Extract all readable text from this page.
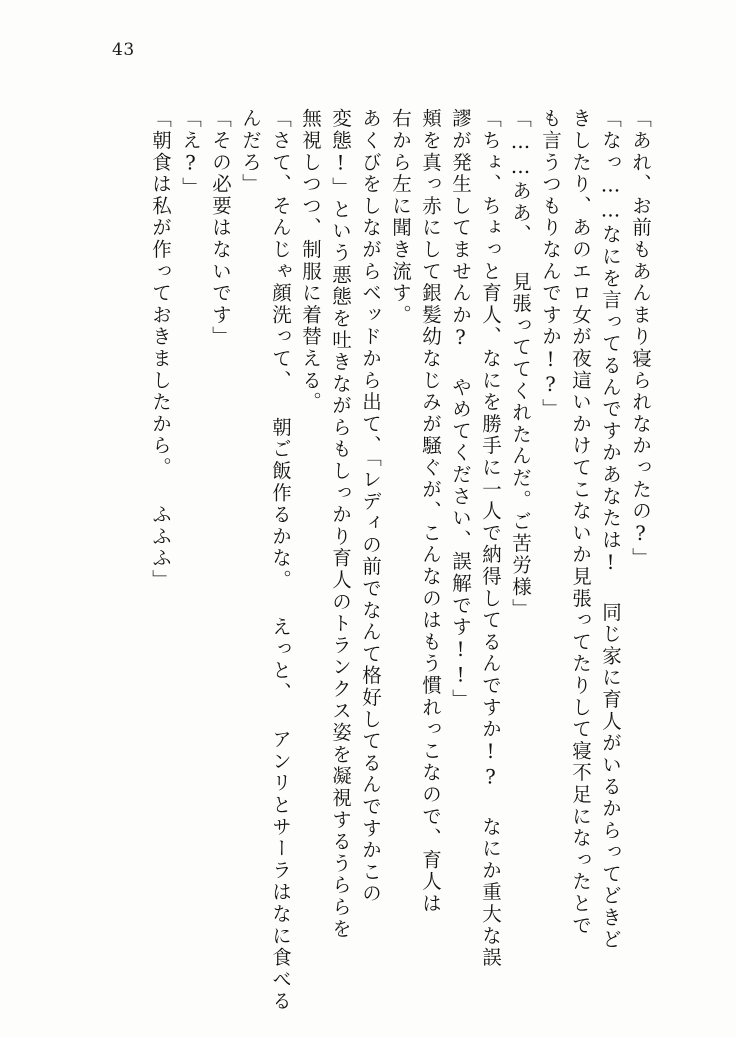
43
「あれ、お前もあんまり寝られなかったの?」
「なっ……なにを言ってるんですかあなたは! 同じ家に育人がいるからってどきど
きしたり、あのエロ女が夜這いかけてこないか見張ってたりして寝不足になったとで
も言うつもりなんですか!?」
「……ああ、 見張っててくれたんだ。ご苦労様」
「ちょ、ちょっと育人、なにを勝手に一人で納得してるんですか!? なにか重大な誤
謬が発生してませんか? やめてください、誤解です!!」
頬を真っ赤にして銀髪幼なじみが騒ぐが、こんなのはもう慣れっこなので、育人は
右から左に聞き流す。
あくびをしながらベッドから出て、「レディの前でなんて格好してるんですかこの
変態!」という悪態を吐きながらもしっかり育人のトランクス姿を凝視するうららを
無視しつつ、制服に着替える。
「さて、そんじゃ顔洗って、 朝ご飯作るかな。 えっと、 アンリとサーラはなに食べる
んだろ」
「その必要はないです」
「え?」
「朝食は私が作っておきましたから。 ふふふ」
